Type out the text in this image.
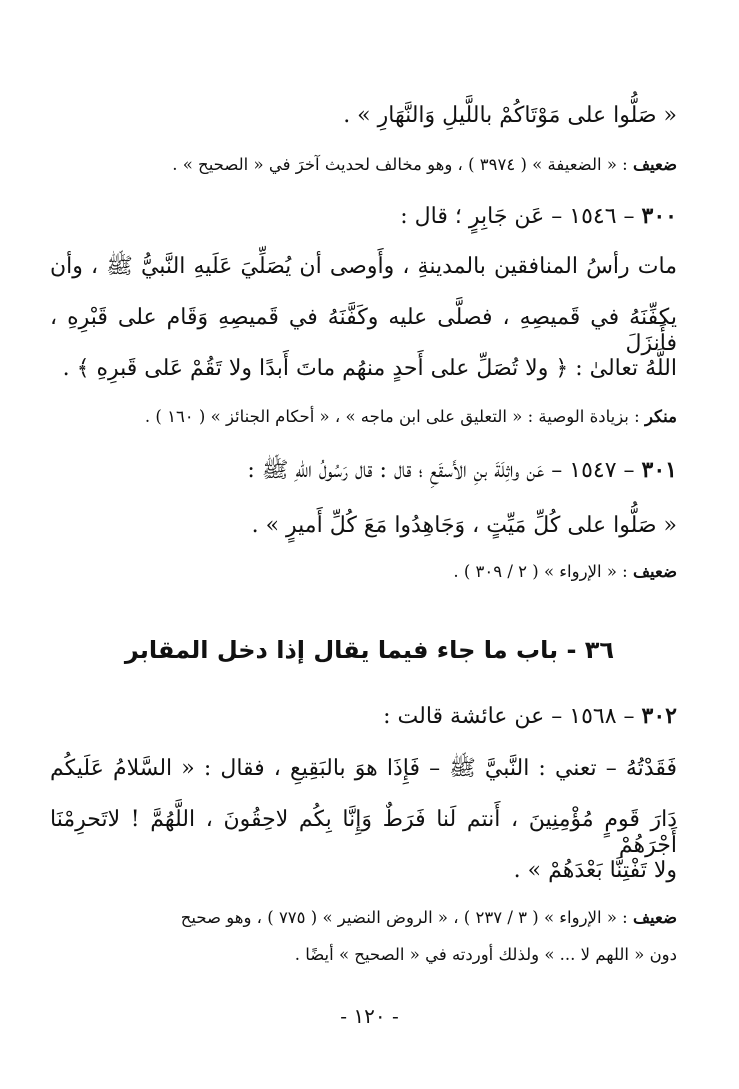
« صَلُّوا على مَوْتَاكُمْ باللَّيلِ وَالنَّهَارِ » .
ضعيف : « الضعيفة » ( ٣٩٧٤ ) ، وهو مخالف لحديث آخرَ في « الصحيح » .
٣٠٠ – ١٥٤٦ – عَن جَابِرٍ ؛ قال :
مات رأسُ المنافقين بالمدينةِ ، وأَوصى أن يُصَلِّيَ عَلَيهِ النَّبيُّ ﷺ ، وأن
يكفِّنَهُ في قَميصِهِ ، فصلَّى عليه وكَفَّنَهُ في قَميصِهِ وَقَام على قَبْرِهِ ، فأَنزَلَ
اللَّهُ تعالىٰ : ﴿ ولا تُصَلِّ على أَحدٍ منهُم ماتَ أَبدًا ولا تَقُمْ عَلى قَبرِهِ ﴾ .
منكر : بزيادة الوصية : « التعليق على ابن ماجه » ، « أحكام الجنائز » ( ١٦٠ ) .
٣٠١ – ١٥٤٧ – عَن واثِلَةَ بنِ الأَسقَعِ ؛ قال : قال رَسُولُ اللّهِ ﷺ :
« صَلُّوا على كُلِّ مَيِّتٍ ، وَجَاهِدُوا مَعَ كُلِّ أَميرٍ » .
ضعيف : « الإرواء » ( ٢ / ٣٠٩ ) .
٣٦ - باب ما جاء فيما يقال إذا دخل المقابر
٣٠٢ – ١٥٦٨ – عن عائشة قالت :
فَقَدْتُهُ – تعني : النَّبيَّ ﷺ – فَإِذَا هوَ بالبَقِيعِ ، فقال : « السَّلامُ عَلَيكُم
دَارَ قَومٍ مُؤْمِنِينَ ، أَنتم لَنا فَرَطٌ وَإِنَّا بِكُم لاحِقُونَ ، اللَّهُمَّ ! لاتَحرِمْنَا أَجْرَهُمْ
ولا تَفْتِنَّا بَعْدَهُمْ » .
ضعيف : « الإرواء » ( ٣ / ٢٣٧ ) ، « الروض النضير » ( ٧٧٥ ) ، وهو صحيح
دون « اللهم لا ... » ولذلك أوردته في « الصحيح » أيضًا .
- ١٢٠ -
